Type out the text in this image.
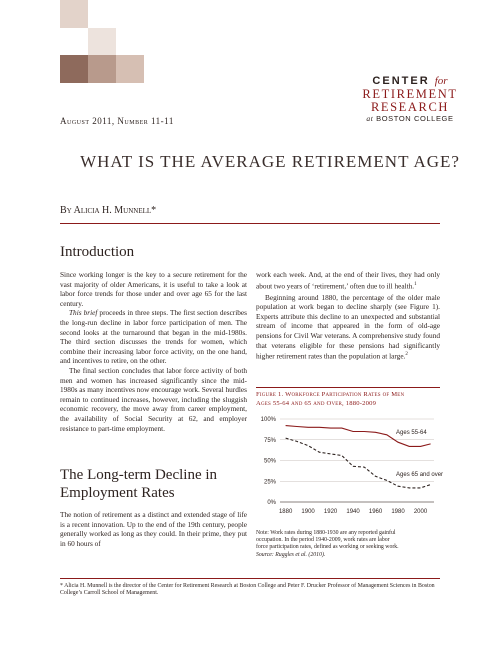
CENTER for
RETIREMENT
RESEARCH
at BOSTON COLLEGE
August 2011, Number 11-11
WHAT IS THE AVERAGE RETIREMENT AGE?
By Alicia H. Munnell*
Introduction

Since working longer is the key to a secure retirement for the vast majority of older Americans, it is useful to take a look at labor force trends for those under and over age 65 for the last century.

This brief proceeds in three steps. The first section describes the long-run decline in labor force participation of men. The second looks at the turnaround that began in the mid-1980s. The third section discusses the trends for women, which combine their increasing labor force activity, on the one hand, and incentives to retire, on the other.

The final section concludes that labor force activity of both men and women has increased significantly since the mid-1980s as many incentives now encourage work. Several hurdles remain to continued increases, however, including the sluggish economic recovery, the move away from career employment, the availability of Social Security at 62, and employer resistance to part-time employment.

The Long-term Decline in
Employment Rates

The notion of retirement as a distinct and extended stage of life is a recent innovation. Up to the end of the 19th century, people generally worked as long as they could. In their prime, they put in 60 hours of

work each week. And, at the end of their lives, they had only about two years of ‘retirement,’ often due to ill health.$^1$

Beginning around 1880, the percentage of the older male population at work began to decline sharply (see Figure 1). Experts attribute this decline to an unexpected and substantial stream of income that appeared in the form of old-age pensions for Civil War veterans. A comprehensive study found that veterans eligible for these pensions had significantly higher retirement rates than the population at large.$^2$

Figure 1. Workforce Participation Rates of Men
Ages 55-64 and 65 and Over, 1880-2009
0%
25%
50%
75%
100%
1880 1900 1920 1940 1960 1980 2000
Ages 55-64
Ages 65 and over
Note: Work rates during 1880-1930 are any reported gainful
occupation. In the period 1940-2009, work rates are labor
force participation rates, defined as working or seeking work.
Source: Ruggles et al. (2010).
* Alicia H. Munnell is the director of the Center for Retirement Research at Boston College and Peter F. Drucker Professor of Management Sciences in Boston College’s Carroll School of Management.
